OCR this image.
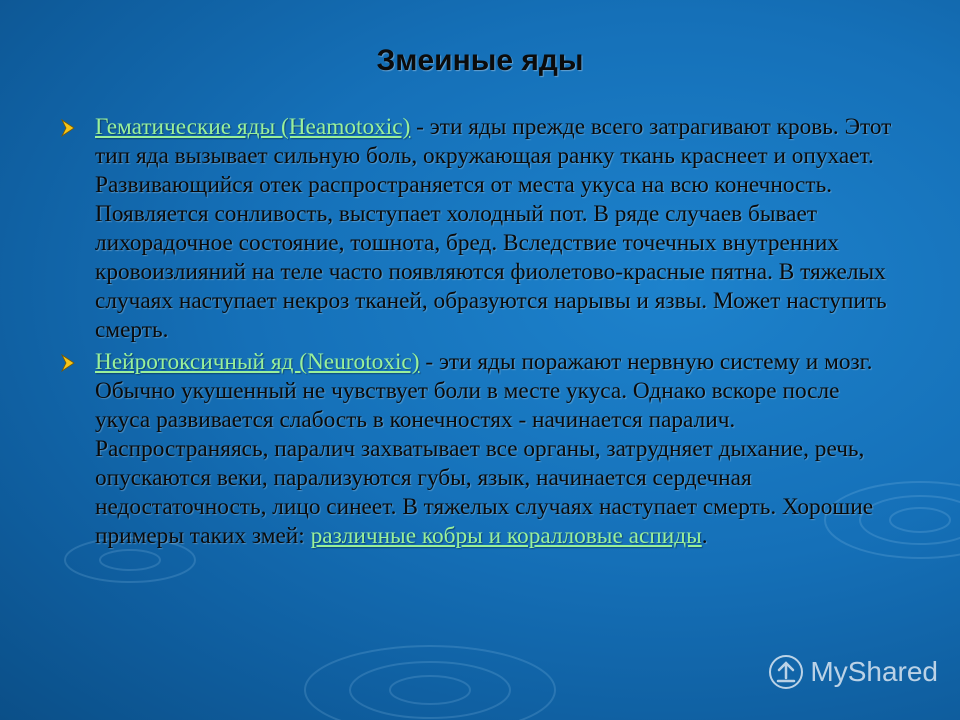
Змеиные яды
Гематические яды (Heamotoxic) - эти яды прежде всего затрагивают кровь. Этот тип яда вызывает сильную боль, окружающая ранку ткань краснеет и опухает. Развивающийся отек распространяется от места укуса на всю конечность. Появляется сонливость, выступает холодный пот. В ряде случаев бывает лихорадочное состояние, тошнота, бред. Вследствие точечных внутренних кровоизлияний на теле часто появляются фиолетово-красные пятна. В тяжелых случаях наступает некроз тканей, образуются нарывы и язвы. Может наступить смерть.
Нейротоксичный яд (Neurotoxic) - эти яды поражают нервную систему и мозг. Обычно укушенный не чувствует боли в месте укуса. Однако вскоре после укуса развивается слабость в конечностях - начинается паралич. Распространяясь, паралич захватывает все органы, затрудняет дыхание, речь, опускаются веки, парализуются губы, язык, начинается сердечная недостаточность, лицо синеет. В тяжелых случаях наступает смерть. Хорошие примеры таких змей: различные кобры и коралловые аспиды.
MyShared
